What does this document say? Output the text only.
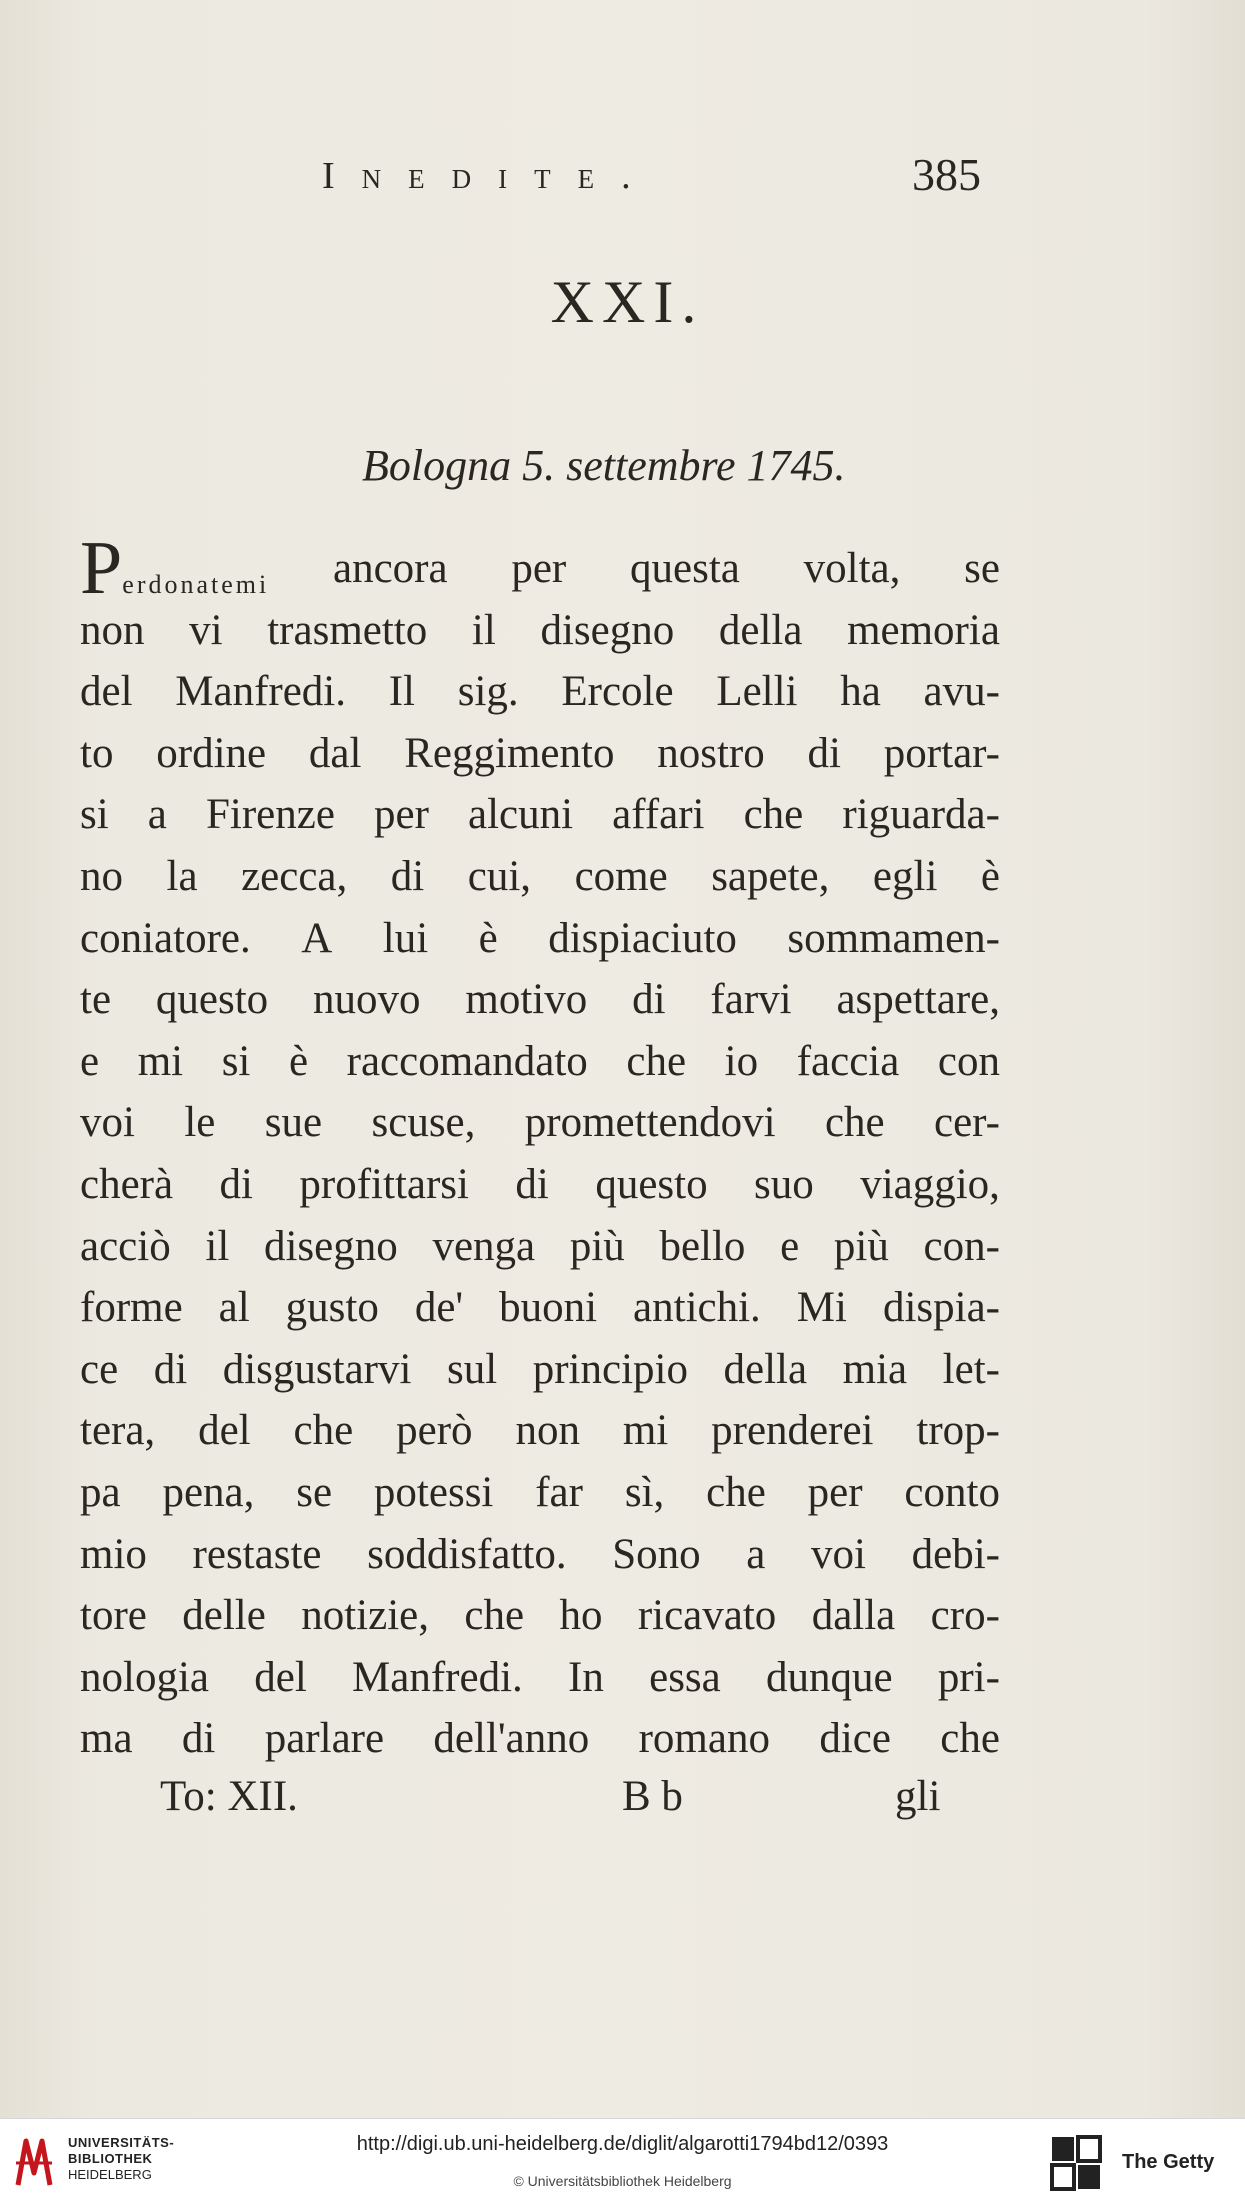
Inedite.	385
XXI.
Bologna 5. settembre 1745.
Perdonatemi ancora per questa volta, se
non vi trasmetto il disegno della memoria
del Manfredi. Il sig. Ercole Lelli ha avu-
to ordine dal Reggimento nostro di portar-
si a Firenze per alcuni affari che riguarda-
no la zecca, di cui, come sapete, egli è
coniatore. A lui è dispiaciuto sommamen-
te questo nuovo motivo di farvi aspettare,
e mi si è raccomandato che io faccia con
voi le sue scuse, promettendovi che cer-
cherà di profittarsi di questo suo viaggio,
acciò il disegno venga più bello e più con-
forme al gusto de' buoni antichi. Mi dispia-
ce di disgustarvi sul principio della mia let-
tera, del che però non mi prenderei trop-
pa pena, se potessi far sì, che per conto
mio restaste soddisfatto. Sono a voi debi-
tore delle notizie, che ho ricavato dalla cro-
nologia del Manfredi. In essa dunque pri-
ma di parlare dell'anno romano dice che
To: XII.	B b	gli
UNIVERSITÄTS-
BIBLIOTHEK
HEIDELBERG
http://digi.ub.uni-heidelberg.de/diglit/algarotti1794bd12/0393
© Universitätsbibliothek Heidelberg
The Getty
